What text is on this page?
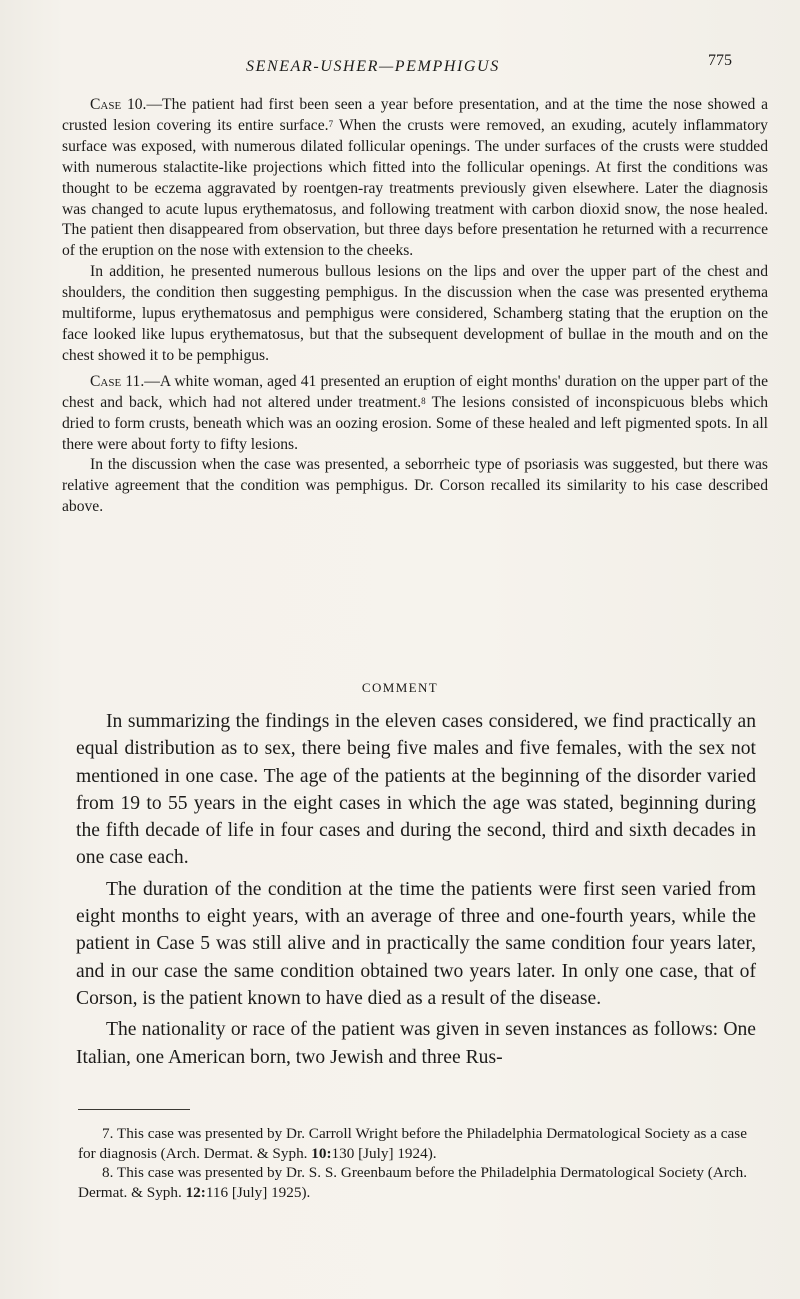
SENEAR-USHER—PEMPHIGUS	775

Case 10.—The patient had first been seen a year before presentation, and at the time the nose showed a crusted lesion covering its entire surface.$^7$ When the crusts were removed, an exuding, acutely inflammatory surface was exposed, with numerous dilated follicular openings. The under surfaces of the crusts were studded with numerous stalactite-like projections which fitted into the follicular openings. At first the conditions was thought to be eczema aggravated by roentgen-ray treatments previously given elsewhere. Later the diagnosis was changed to acute lupus erythematosus, and following treatment with carbon dioxid snow, the nose healed. The patient then disappeared from observation, but three days before presentation he returned with a recurrence of the eruption on the nose with extension to the cheeks.

In addition, he presented numerous bullous lesions on the lips and over the upper part of the chest and shoulders, the condition then suggesting pemphigus. In the discussion when the case was presented erythema multiforme, lupus erythematosus and pemphigus were considered, Schamberg stating that the eruption on the face looked like lupus erythematosus, but that the subsequent development of bullae in the mouth and on the chest showed it to be pemphigus.

Case 11.—A white woman, aged 41 presented an eruption of eight months' duration on the upper part of the chest and back, which had not altered under treatment.$^8$ The lesions consisted of inconspicuous blebs which dried to form crusts, beneath which was an oozing erosion. Some of these healed and left pigmented spots. In all there were about forty to fifty lesions.

In the discussion when the case was presented, a seborrheic type of psoriasis was suggested, but there was relative agreement that the condition was pemphigus. Dr. Corson recalled its similarity to his case described above.

COMMENT

In summarizing the findings in the eleven cases considered, we find practically an equal distribution as to sex, there being five males and five females, with the sex not mentioned in one case. The age of the patients at the beginning of the disorder varied from 19 to 55 years in the eight cases in which the age was stated, beginning during the fifth decade of life in four cases and during the second, third and sixth decades in one case each.

The duration of the condition at the time the patients were first seen varied from eight months to eight years, with an average of three and one-fourth years, while the patient in Case 5 was still alive and in practically the same condition four years later, and in our case the same condition obtained two years later. In only one case, that of Corson, is the patient known to have died as a result of the disease.

The nationality or race of the patient was given in seven instances as follows: One Italian, one American born, two Jewish and three Rus-

7. This case was presented by Dr. Carroll Wright before the Philadelphia Dermatological Society as a case for diagnosis (Arch. Dermat. & Syph. 10:130 [July] 1924).

8. This case was presented by Dr. S. S. Greenbaum before the Philadelphia Dermatological Society (Arch. Dermat. & Syph. 12:116 [July] 1925).
